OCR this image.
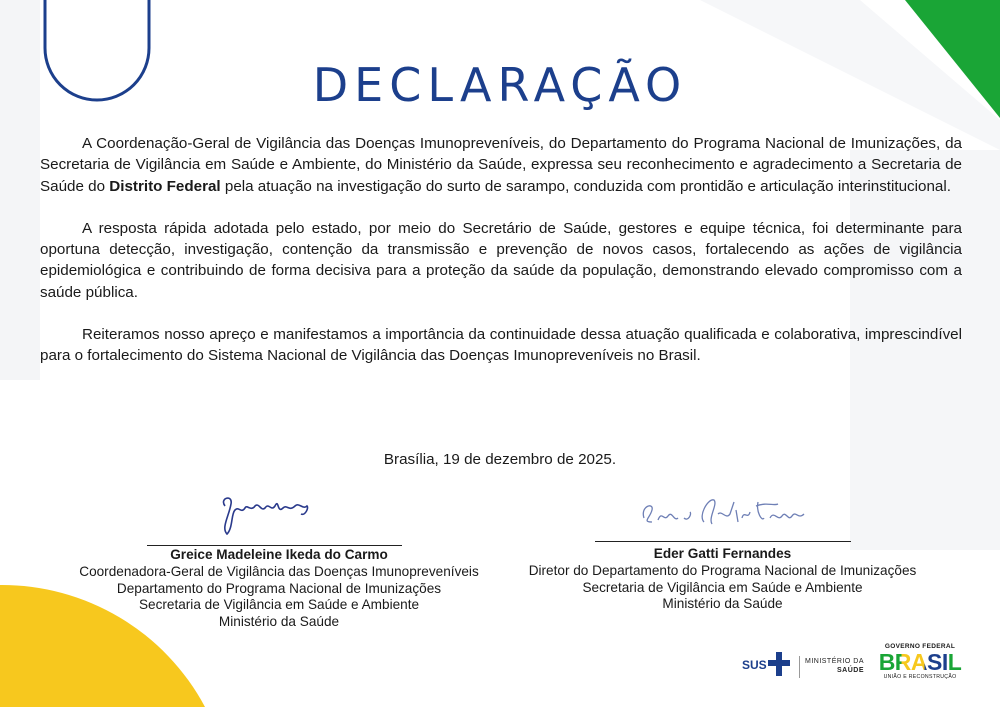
DECLARAÇÃO

A Coordenação-Geral de Vigilância das Doenças Imunopreveníveis, do Departamento do Programa Nacional de Imunizações, da Secretaria de Vigilância em Saúde e Ambiente, do Ministério da Saúde, expressa seu reconhecimento e agradecimento a Secretaria de Saúde do Distrito Federal pela atuação na investigação do surto de sarampo, conduzida com prontidão e articulação interinstitucional.

A resposta rápida adotada pelo estado, por meio do Secretário de Saúde, gestores e equipe técnica, foi determinante para oportuna detecção, investigação, contenção da transmissão e prevenção de novos casos, fortalecendo as ações de vigilância epidemiológica e contribuindo de forma decisiva para a proteção da saúde da população, demonstrando elevado compromisso com a saúde pública.

Reiteramos nosso apreço e manifestamos a importância da continuidade dessa atuação qualificada e colaborativa, imprescindível para o fortalecimento do Sistema Nacional de Vigilância das Doenças Imunopreveníveis no Brasil.

Brasília, 19 de dezembro de 2025.
Greice Madeleine Ikeda do Carmo
Coordenadora-Geral de Vigilância das Doenças Imunopreveníveis
Departamento do Programa Nacional de Imunizações
Secretaria de Vigilância em Saúde e Ambiente
Ministério da Saúde
Eder Gatti Fernandes
Diretor do Departamento do Programa Nacional de Imunizações
Secretaria de Vigilância em Saúde e Ambiente
Ministério da Saúde
SUS	MINISTÉRIO DA
SAÚDE
GOVERNO FEDERAL
BRASIL
UNIÃO E RECONSTRUÇÃO
